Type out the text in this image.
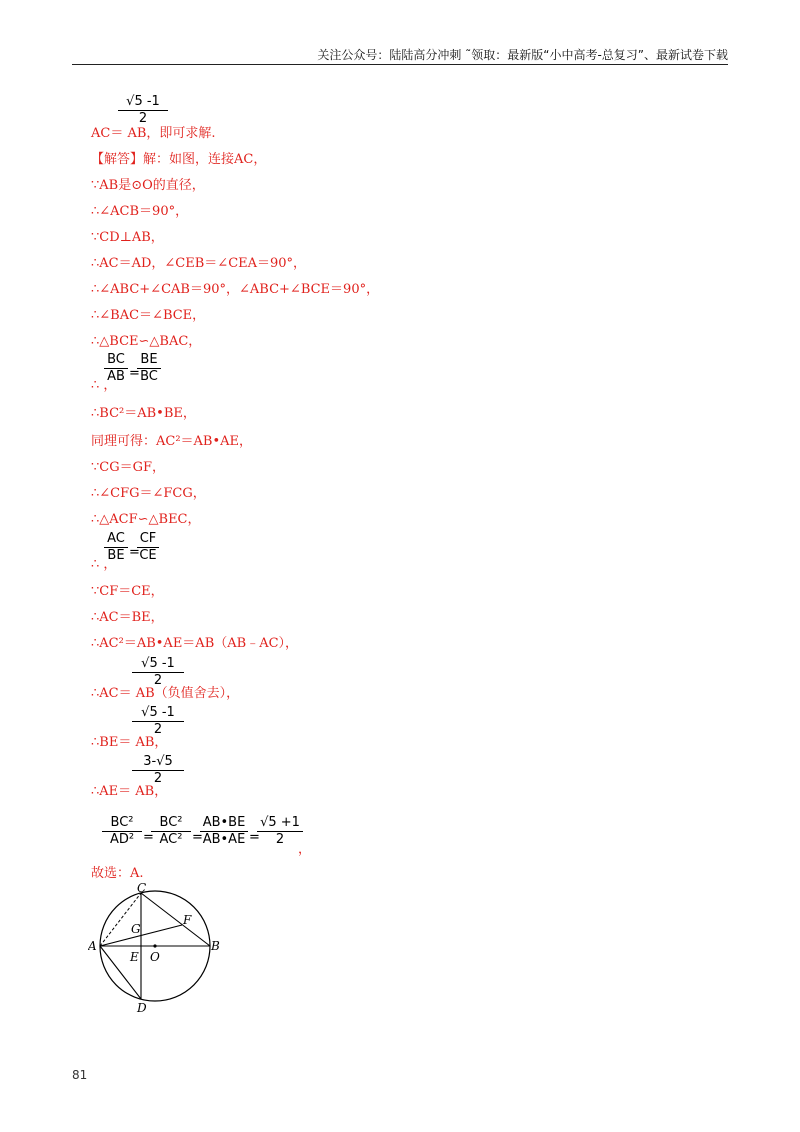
关注公众号：陆陆高分冲刺 ˜领取：最新版“小中高考-总复习”、最新试卷下载
√5 -1
2
AC＝ AB，即可求解.
【解答】解：如图，连接AC，
∵AB是⊙O的直径，
∴∠ACB＝90°，
∵CD⊥AB，
∴AC＝AD，∠CEB＝∠CEA＝90°，
∴∠ABC+∠CAB＝90°，∠ABC+∠BCE＝90°，
∴∠BAC＝∠BCE，
∴△BCE∽△BAC，
BC
AB =
BE
BC
∴ ，
∴BC²＝AB•BE，
同理可得：AC²＝AB•AE，
∵CG＝GF，
∴∠CFG＝∠FCG，
∴△ACF∽△BEC，
AC
BE =
CF
CE
∴ ，
∵CF＝CE，
∴AC＝BE，
∴AC²＝AB•AE＝AB（AB﹣AC），
√5 -1
2
∴AC＝ AB（负值舍去），
√5 -1
2
∴BE＝ AB，
3-√5
2
∴AE＝ AB，
BC²
AD² =
BC²
AC² =
AB•BE
AB•AE =
√5 +1
2
，
故选：A.
C
F
G
A
E O
B
D
81
